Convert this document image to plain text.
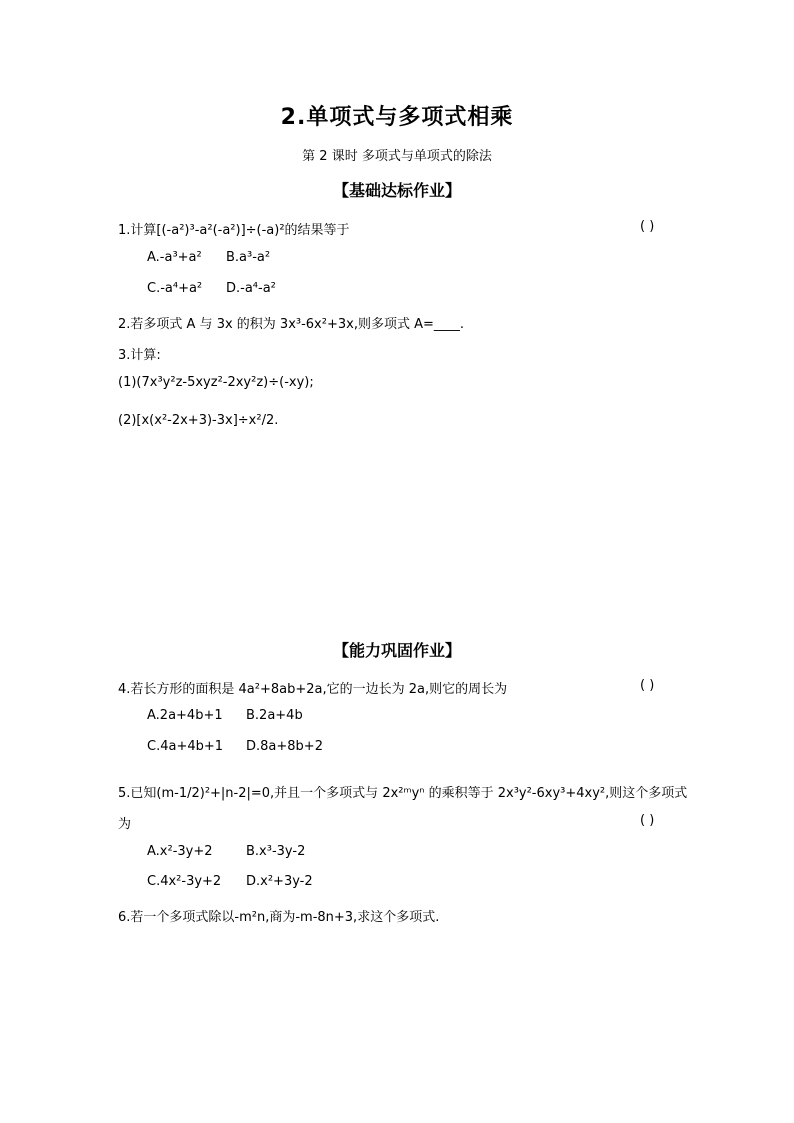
2.单项式与多项式相乘
第 2 课时 多项式与单项式的除法
【基础达标作业】
1.计算[(-a²)³-a²(-a²)]÷(-a)²的结果等于	( )
A.-a³+a² B.a³-a²
C.-a⁴+a² D.-a⁴-a²
2.若多项式 A 与 3x 的积为 3x³-6x²+3x,则多项式 A=____.
3.计算:
(1)(7x³y²z-5xyz²-2xy²z)÷(-xy);
(2)[x(x²-2x+3)-3x]÷x²/2.
【能力巩固作业】
4.若长方形的面积是 4a²+8ab+2a,它的一边长为 2a,则它的周长为	( )
A.2a+4b+1 B.2a+4b
C.4a+4b+1 D.8a+8b+2
5.已知(m-1/2)²+|n-2|=0,并且一个多项式与 2x²ᵐyⁿ 的乘积等于 2x³y²-6xy³+4xy²,则这个多项式
为	( )
A.x²-3y+2	B.x³-3y-2
C.4x²-3y+2 D.x²+3y-2
6.若一个多项式除以-m²n,商为-m-8n+3,求这个多项式.
